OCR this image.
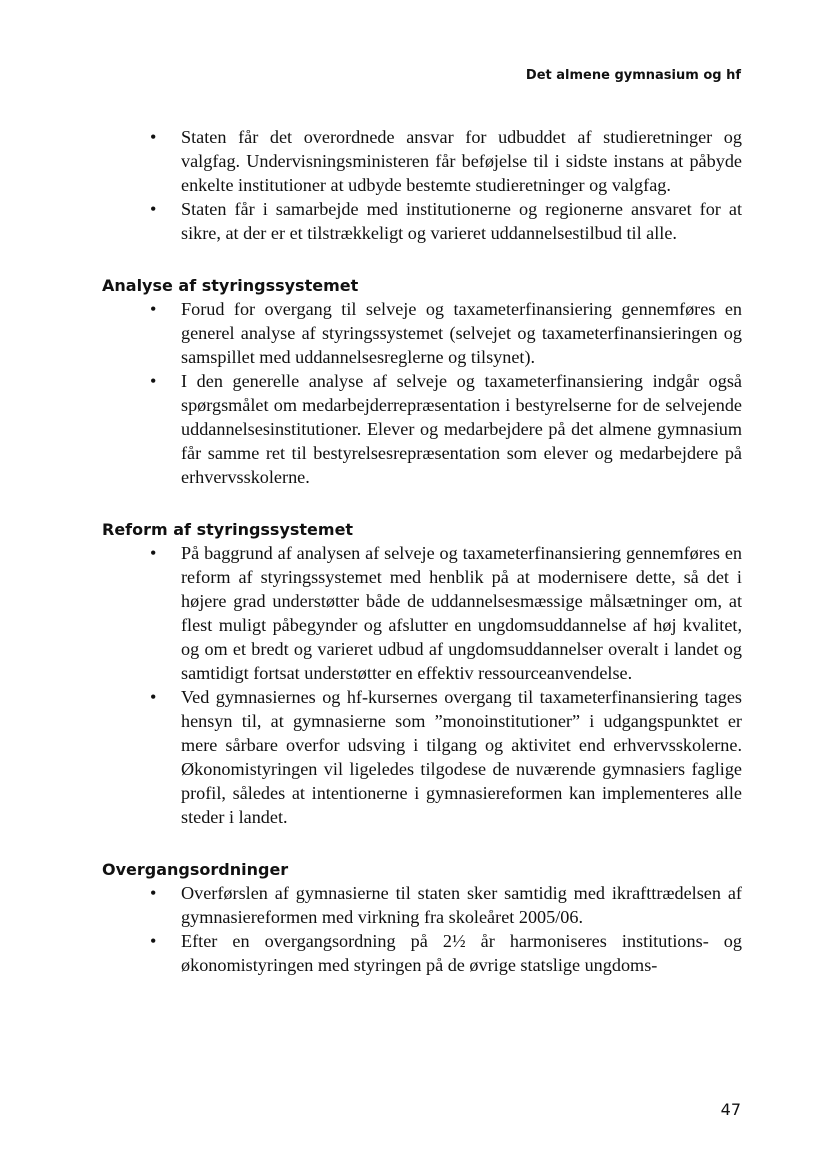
Det almene gymnasium og hf
• Staten får det overordnede ansvar for udbuddet af studieretninger og valgfag. Undervisningsministeren får beføjelse til i sidste instans at påbyde enkelte institutioner at udbyde bestemte studieretninger og valgfag.
• Staten får i samarbejde med institutionerne og regionerne ansvaret for at sikre, at der er et tilstrækkeligt og varieret uddannelsestilbud til alle.
Analyse af styringssystemet
• Forud for overgang til selveje og taxameterfinansiering gennemføres en generel analyse af styringssystemet (selvejet og taxameterfinansieringen og samspillet med uddannelsesreglerne og tilsynet).
• I den generelle analyse af selveje og taxameterfinansiering indgår også spørgsmålet om medarbejderrepræsentation i bestyrelserne for de selvejende uddannelsesinstitutioner. Elever og medarbejdere på det almene gymnasium får samme ret til bestyrelsesrepræsentation som elever og medarbejdere på erhvervsskolerne.
Reform af styringssystemet
• På baggrund af analysen af selveje og taxameterfinansiering gennemføres en reform af styringssystemet med henblik på at modernisere dette, så det i højere grad understøtter både de uddannelsesmæssige målsætninger om, at flest muligt påbegynder og afslutter en ungdomsuddannelse af høj kvalitet, og om et bredt og varieret udbud af ungdomsuddannelser overalt i landet og samtidigt fortsat understøtter en effektiv ressourceanvendelse.
• Ved gymnasiernes og hf-kursernes overgang til taxameterfinansiering tages hensyn til, at gymnasierne som ”monoinstitutioner” i udgangspunktet er mere sårbare overfor udsving i tilgang og aktivitet end erhvervsskolerne. Økonomistyringen vil ligeledes tilgodese de nuværende gymnasiers faglige profil, således at intentionerne i gymnasiereformen kan implementeres alle steder i landet.
Overgangsordninger
• Overførslen af gymnasierne til staten sker samtidig med ikrafttrædelsen af gymnasiereformen med virkning fra skoleåret 2005/06.
• Efter en overgangsordning på 2½ år harmoniseres institutions- og økonomistyringen med styringen på de øvrige statslige ungdoms-
47
